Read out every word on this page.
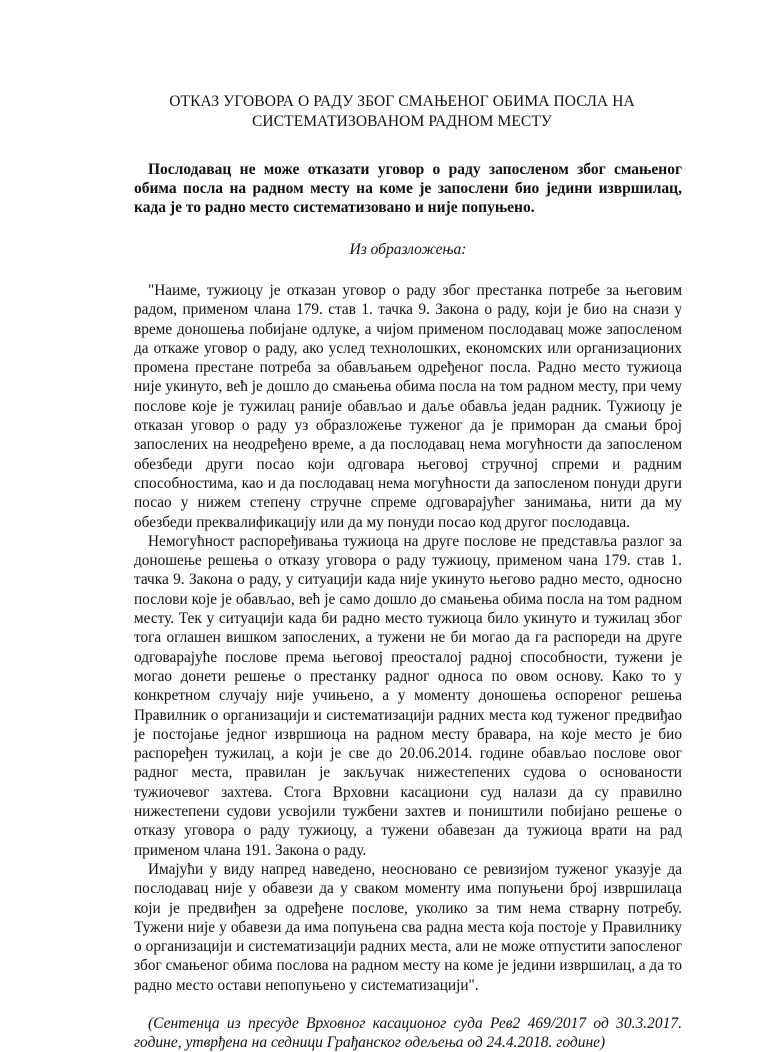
ОТКАЗ УГОВОРА О РАДУ ЗБОГ СМАЊЕНОГ ОБИМА ПОСЛА НА
СИСТЕМАТИЗОВАНОМ РАДНОМ МЕСТУ
Послодавац не може отказати уговор о раду запосленом због смањеног обима посла на радном месту на коме је запослени био једини извршилац, када је то радно место систематизовано и није попуњено.
Из образложења:

"Наиме, тужиоцу је отказан уговор о раду због престанка потребе за његовим радом, применом члана 179. став 1. тачка 9. Закона о раду, који је био на снази у време доношења побијане одлуке, а чијом применом послодавац може запосленом да откаже уговор о раду, ако услед технолошких, економских или организационих промена престане потреба за обављањем одређеног посла. Радно место тужиоца није укинуто, већ је дошло до смањења обима посла на том радном месту, при чему послове које је тужилац раније обављао и даље обавља један радник. Тужиоцу је отказан уговор о раду уз образложење туженог да је приморан да смањи број запослених на неодређено време, а да послодавац нема могућности да запосленом обезбеди други посао који одговара његовој стручној спреми и радним способностима, као и да послодавац нема могућности да запосленом понуди други посао у нижем степену стручне спреме одговарајућег занимања, нити да му обезбеди преквалификацију или да му понуди посао код другог послодавца.

Немогућност распоређивања тужиоца на друге послове не представља разлог за доношење решења о отказу уговора о раду тужиоцу, применом чана 179. став 1. тачка 9. Закона о раду, у ситуацији када није укинуто његово радно место, односно послови које је обављао, већ је само дошло до смањења обима посла на том радном месту. Тек у ситуацији када би радно место тужиоца било укинуто и тужилац због тога оглашен вишком запослених, а тужени не би могао да га распореди на друге одговарајуће послове према његовој преосталој радној способности, тужени је могао донети решење о престанку радног односа по овом основу. Како то у конкретном случају није учињено, а у моменту доношења оспореног решења Правилник о организацији и систематизацији радних места код туженог предвиђао је постојање једног извршиоца на радном месту бравара, на које место је био распоређен тужилац, а који је све до 20.06.2014. године обављао послове овог радног места, правилан је закључак нижестепених судова о основаности тужиочевог захтева. Стога Врховни касациони суд налази да су правилно нижестепени судови усвојили тужбени захтев и поништили побијано решење о отказу уговора о раду тужиоцу, а тужени обавезан да тужиоца врати на рад применом члана 191. Закона о раду.

Имајући у виду напред наведено, неосновано се ревизијом туженог указује да послодавац није у обавези да у сваком моменту има попуњени број извршилаца који је предвиђен за одређене послове, уколико за тим нема стварну потребу. Тужени није у обавези да има попуњена сва радна места која постоје у Правилнику о организацији и систематизацији радних места, али не може отпустити запосленог због смањеног обима послова на радном месту на коме је једини извршилац, а да то радно место остави непопуњено у систематизацији".

(Сентенца из пресуде Врховног касационог суда Рев2 469/2017 од 30.3.2017. године, утврђена на седници Грађанског одељења од 24.4.2018. године)
